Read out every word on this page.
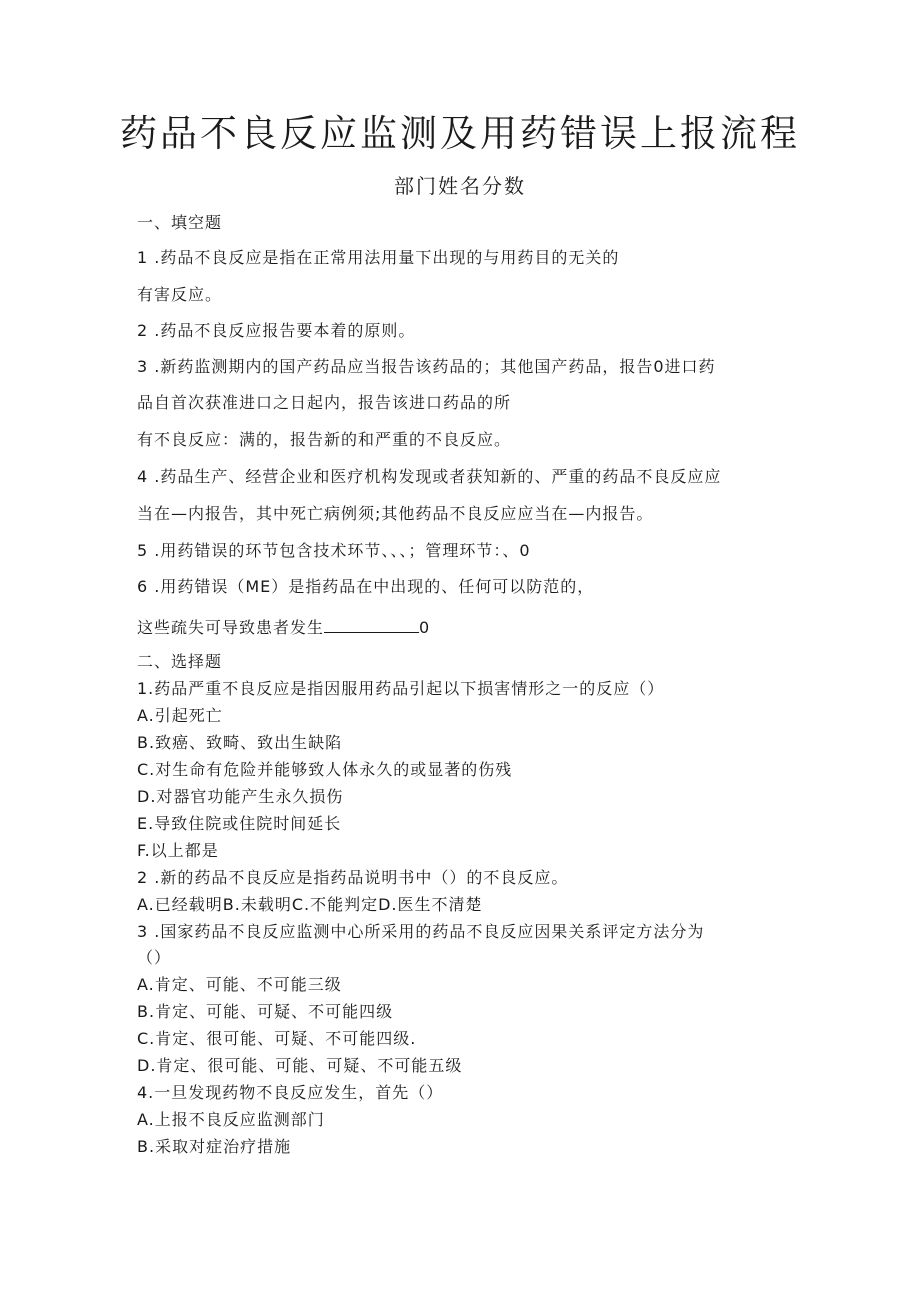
药品不良反应监测及用药错误上报流程
部门姓名分数
一、填空题
1 .药品不良反应是指在正常用法用量下出现的与用药目的无关的
有害反应。
2 .药品不良反应报告要本着的原则。
3 .新药监测期内的国产药品应当报告该药品的；其他国产药品，报告0进口药
品自首次获准进口之日起内，报告该进口药品的所
有不良反应：满的，报告新的和严重的不良反应。
4 .药品生产、经营企业和医疗机构发现或者获知新的、严重的药品不良反应应
当在—内报告，其中死亡病例须;其他药品不良反应应当在—内报告。
5 .用药错误的环节包含技术环节、、、；管理环节：、0
6 .用药错误（ME）是指药品在中出现的、任何可以防范的，
这些疏失可导致患者发生	0
二、选择题
1.药品严重不良反应是指因服用药品引起以下损害情形之一的反应（）
A.引起死亡
B.致癌、致畸、致出生缺陷
C.对生命有危险并能够致人体永久的或显著的伤残
D.对器官功能产生永久损伤
E.导致住院或住院时间延长
F.以上都是
2 .新的药品不良反应是指药品说明书中（）的不良反应。
A.已经载明B.未载明C.不能判定D.医生不清楚
3 .国家药品不良反应监测中心所采用的药品不良反应因果关系评定方法分为
（）
A.肯定、可能、不可能三级
B.肯定、可能、可疑、不可能四级
C.肯定、很可能、可疑、不可能四级.
D.肯定、很可能、可能、可疑、不可能五级
4.一旦发现药物不良反应发生，首先（）
A.上报不良反应监测部门
B.采取对症治疗措施
